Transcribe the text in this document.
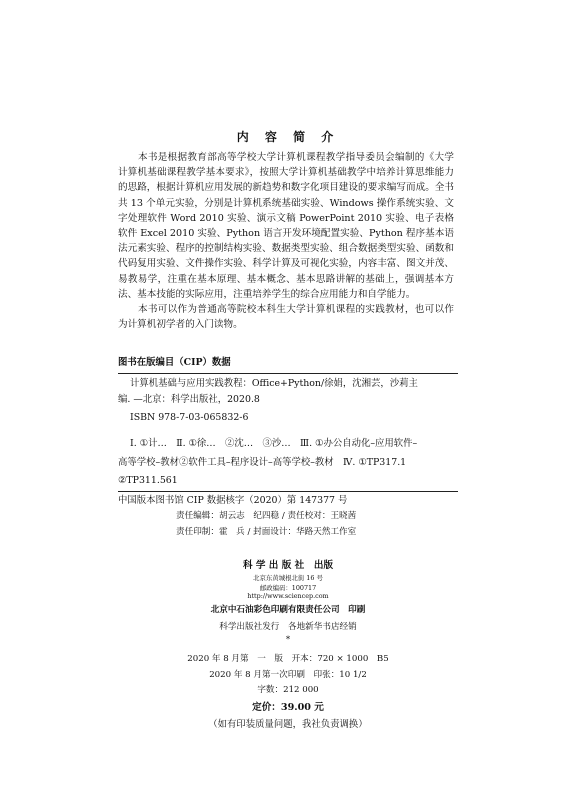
内 容 简 介
本书是根据教育部高等学校大学计算机课程教学指导委员会编制的《大学计算机基础课程教学基本要求》，按照大学计算机基础教学中培养计算思维能力的思路，根据计算机应用发展的新趋势和数字化项目建设的要求编写而成。全书共 13 个单元实验，分别是计算机系统基础实验、Windows 操作系统实验、文字处理软件 Word 2010 实验、演示文稿 PowerPoint 2010 实验、电子表格软件 Excel 2010 实验、Python 语言开发环境配置实验、Python 程序基本语法元素实验、程序的控制结构实验、数据类型实验、组合数据类型实验、函数和代码复用实验、文件操作实验、科学计算及可视化实验，内容丰富、图文并茂、易教易学，注重在基本原理、基本概念、基本思路讲解的基础上，强调基本方法、基本技能的实际应用，注重培养学生的综合应用能力和自学能力。
本书可以作为普通高等院校本科生大学计算机课程的实践教材，也可以作为计算机初学者的入门读物。
图书在版编目（CIP）数据
计算机基础与应用实践教程：Office+Python/徐娟，沈湘芸，沙莉主
编. —北京：科学出版社，2020.8
ISBN 978-7-03-065832-6
Ⅰ. ①计…　Ⅱ. ①徐…　②沈…　③沙…　Ⅲ. ①办公自动化–应用软件–
高等学校–教材②软件工具–程序设计–高等学校–教材　Ⅳ. ①TP317.1
②TP311.561
中国版本图书馆 CIP 数据核字（2020）第 147377 号
责任编辑：胡云志　纪四稳 / 责任校对：王晓茜
责任印制：霍　兵 / 封面设计：华路天然工作室
科 学 出 版 社　出版
北京东黄城根北街 16 号
邮政编码：100717
http://www.sciencep.com
北京中石油彩色印刷有限责任公司　印刷
科学出版社发行　各地新华书店经销
*
2020 年 8 月第　一　版　开本：720 × 1000　B5
2020 年 8 月第一次印刷　印张：10 1/2
字数：212 000
定价：39.00 元
（如有印装质量问题，我社负责调换）
